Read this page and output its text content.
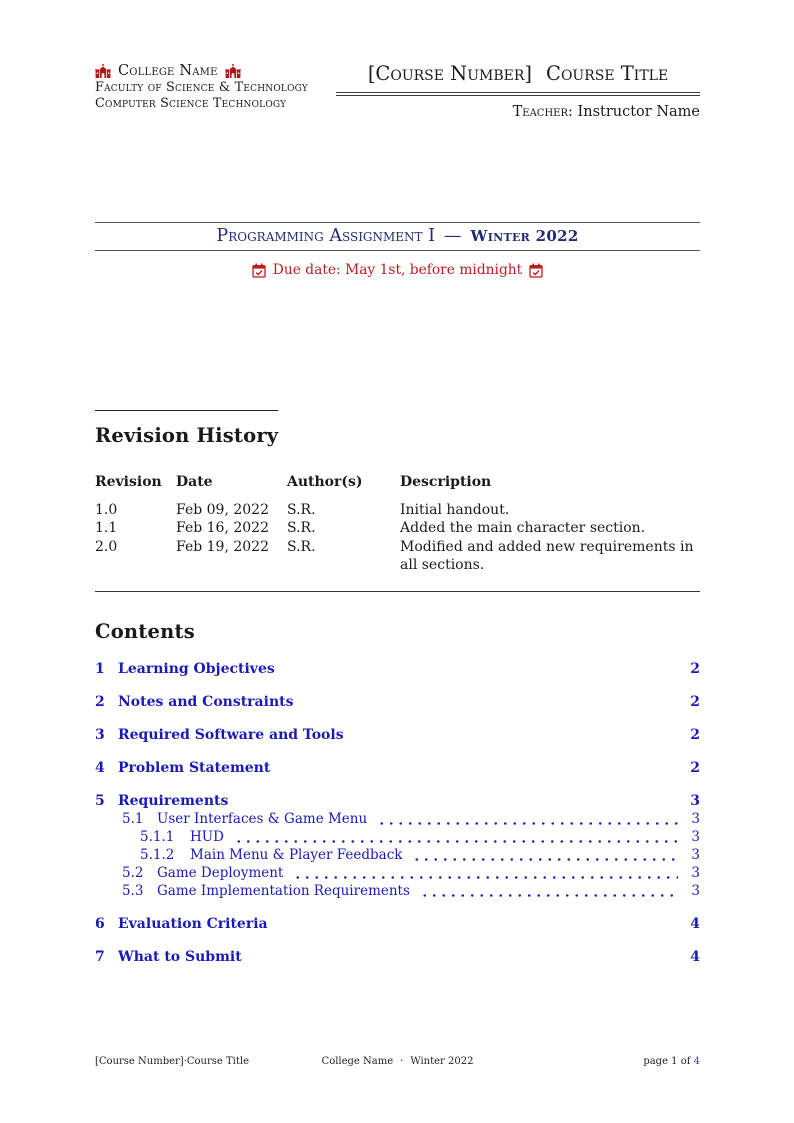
College Name
Faculty of Science & Technology
Computer Science Technology
[Course Number] Course Title
Teacher: Instructor Name
Programming Assignment I — Winter 2022
Due date: May 1st, before midnight
Revision History
Revision	Date	Author(s)	Description
1.0	Feb 09, 2022	S.R.	Initial handout.
1.1	Feb 16, 2022	S.R.	Added the main character section.
2.0	Feb 19, 2022	S.R.	Modified and added new requirements in all sections.
Contents
1 Learning Objectives	2
2 Notes and Constraints	2
3 Required Software and Tools	2
4 Problem Statement	2
5 Requirements	3
5.1	User Interfaces & Game Menu	3
5.1.1	HUD	3
5.1.2	Main Menu & Player Feedback	3
5.2	Game Deployment	3
5.3	Game Implementation Requirements	3
6 Evaluation Criteria	4
7 What to Submit	4
[Course Number]·Course Title	College Name · Winter 2022	page 1 of 4
